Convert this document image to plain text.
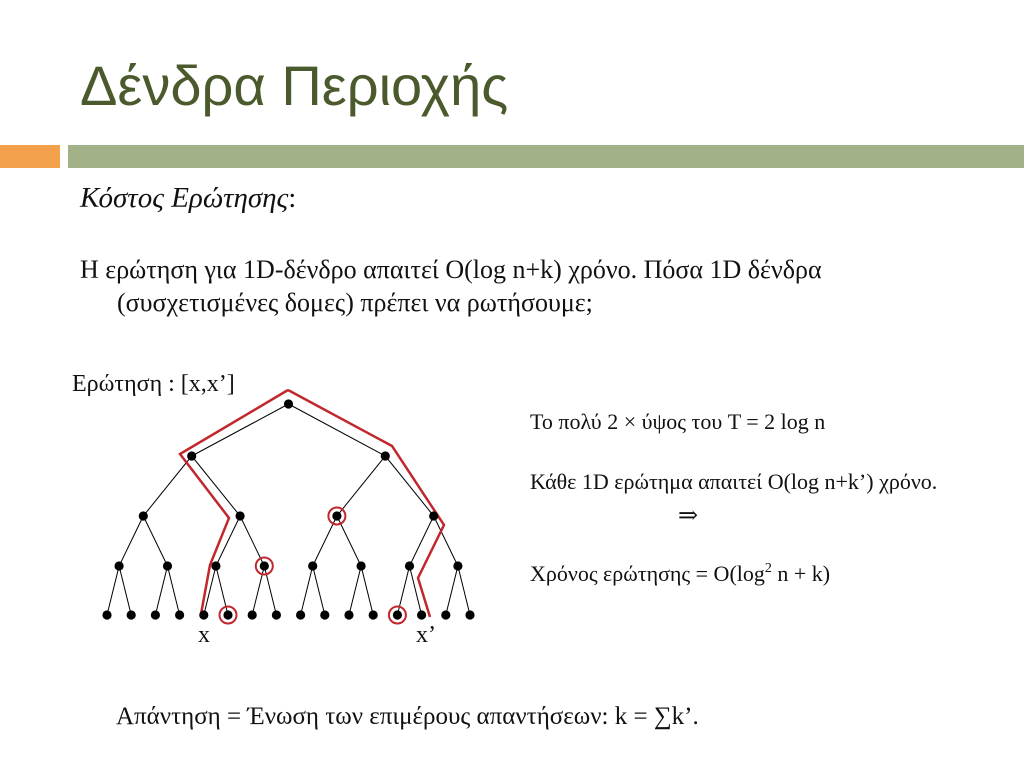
Δένδρα Περιοχής
Κόστος Ερώτησης:
Η ερώτηση για 1D-δένδρο απαιτεί O(log n+k) χρόνο. Πόσα 1D δένδρα
(συσχετισμένες δομες) πρέπει να ρωτήσουμε;
Ερώτηση : [x,x’]
x	x’
Το πολύ 2 × ύψος του T = 2 log n
Κάθε 1D ερώτημα απαιτεί O(log n+k’) χρόνο.
⇒
Χρόνος $\varepsilon\rho ώ\tau\eta\sigma\eta\varsigma = O(\log^2$ n + k)
Απάντηση = Ένωση των επιμέρους απαντήσεων: k = ∑k’.
